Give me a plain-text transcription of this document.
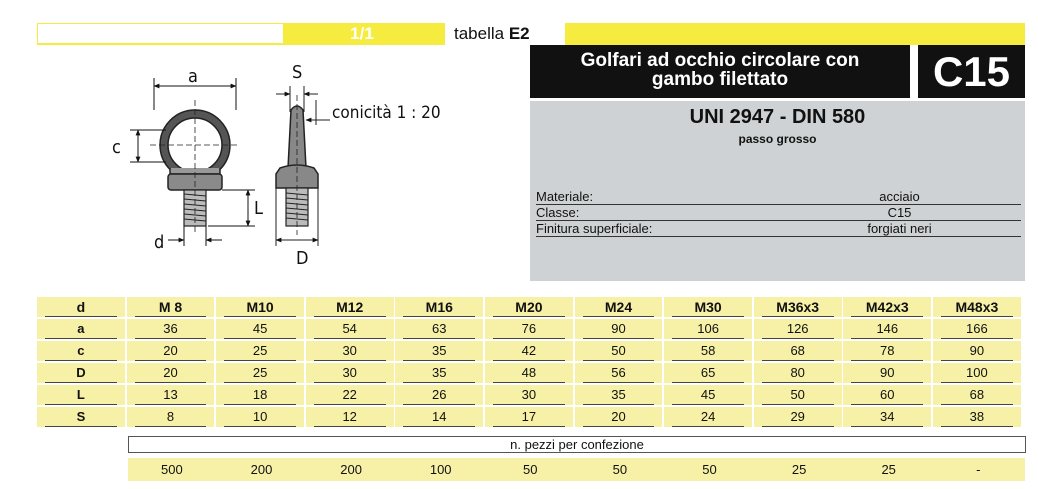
1/1	tabella E2
Golfari ad occhio circolare con
gambo filettato	C15
UNI 2947 - DIN 580
passo grosso
Materiale:	acciaio
Classe:	C15
Finitura superficiale:	forgiati neri
a
c
L
d
S
conicità 1 : 20
D
d	M 8	M10	M12	M16	M20	M24	M30	M36x3	M42x3	M48x3
a	36	45	54	63	76	90	106	126	146	166
c	20	25	30	35	42	50	58	68	78	90
D	20	25	30	35	48	56	65	80	90	100
L	13	18	22	26	30	35	45	50	60	68
S	8	10	12	14	17	20	24	29	34	38
n. pezzi per confezione
500	200	200	100	50	50	50	25	25	-
